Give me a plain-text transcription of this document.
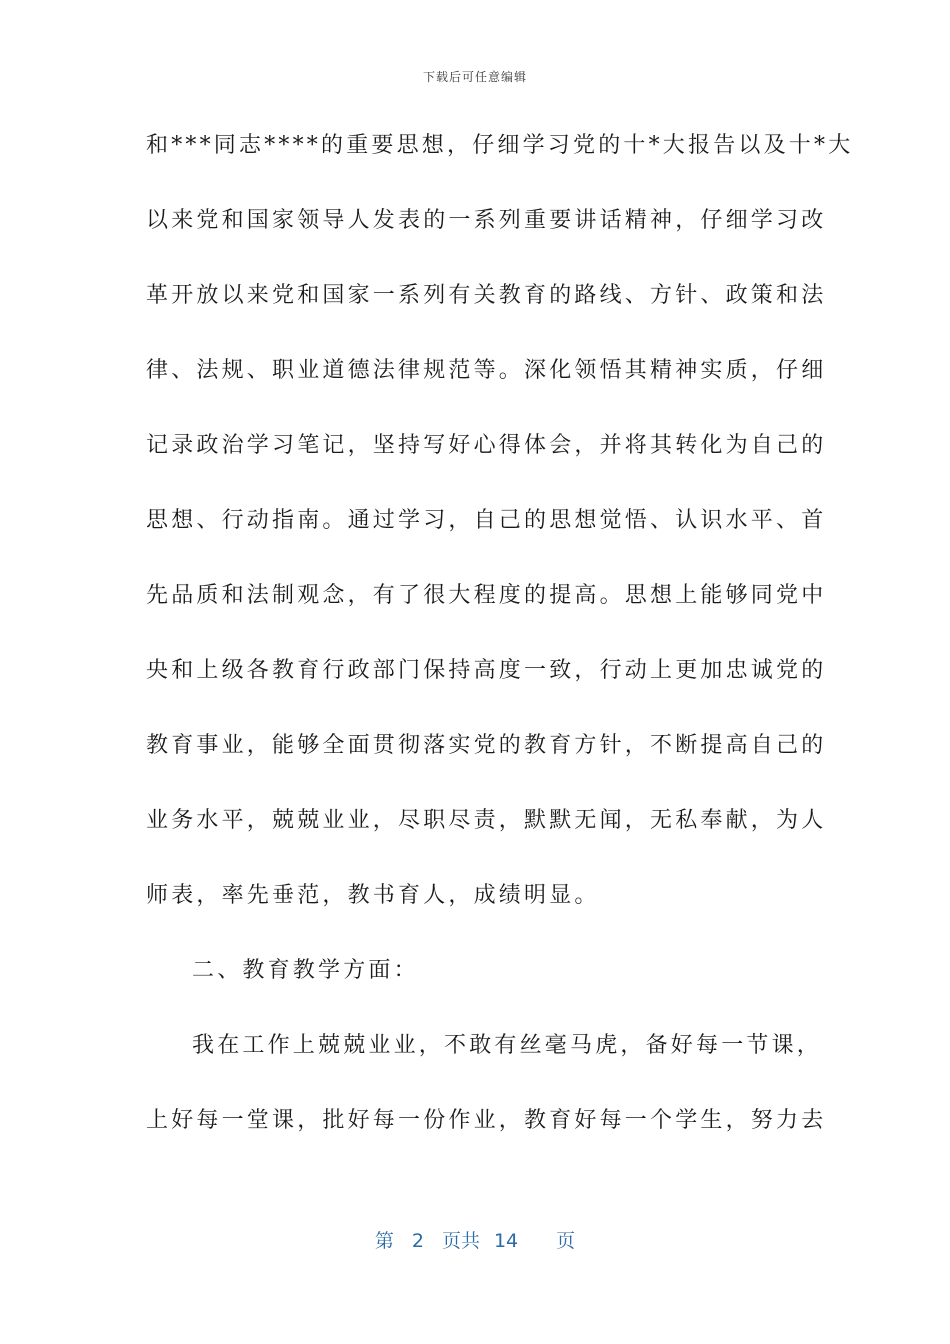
下载后可任意编辑
和***同志****的重要思想，仔细学习党的十*大报告以及十*大
以来党和国家领导人发表的一系列重要讲话精神，仔细学习改
革开放以来党和国家一系列有关教育的路线、方针、政策和法
律、法规、职业道德法律规范等。深化领悟其精神实质，仔细
记录政治学习笔记，坚持写好心得体会，并将其转化为自己的
思想、行动指南。通过学习，自己的思想觉悟、认识水平、首
先品质和法制观念，有了很大程度的提高。思想上能够同党中
央和上级各教育行政部门保持高度一致，行动上更加忠诚党的
教育事业，能够全面贯彻落实党的教育方针，不断提高自己的
业务水平，兢兢业业，尽职尽责，默默无闻，无私奉献，为人
师表，率先垂范，教书育人，成绩明显。
二、教育教学方面：
我在工作上兢兢业业，不敢有丝毫马虎，备好每一节课，
上好每一堂课，批好每一份作业，教育好每一个学生，努力去
第 2 页共 14 页
